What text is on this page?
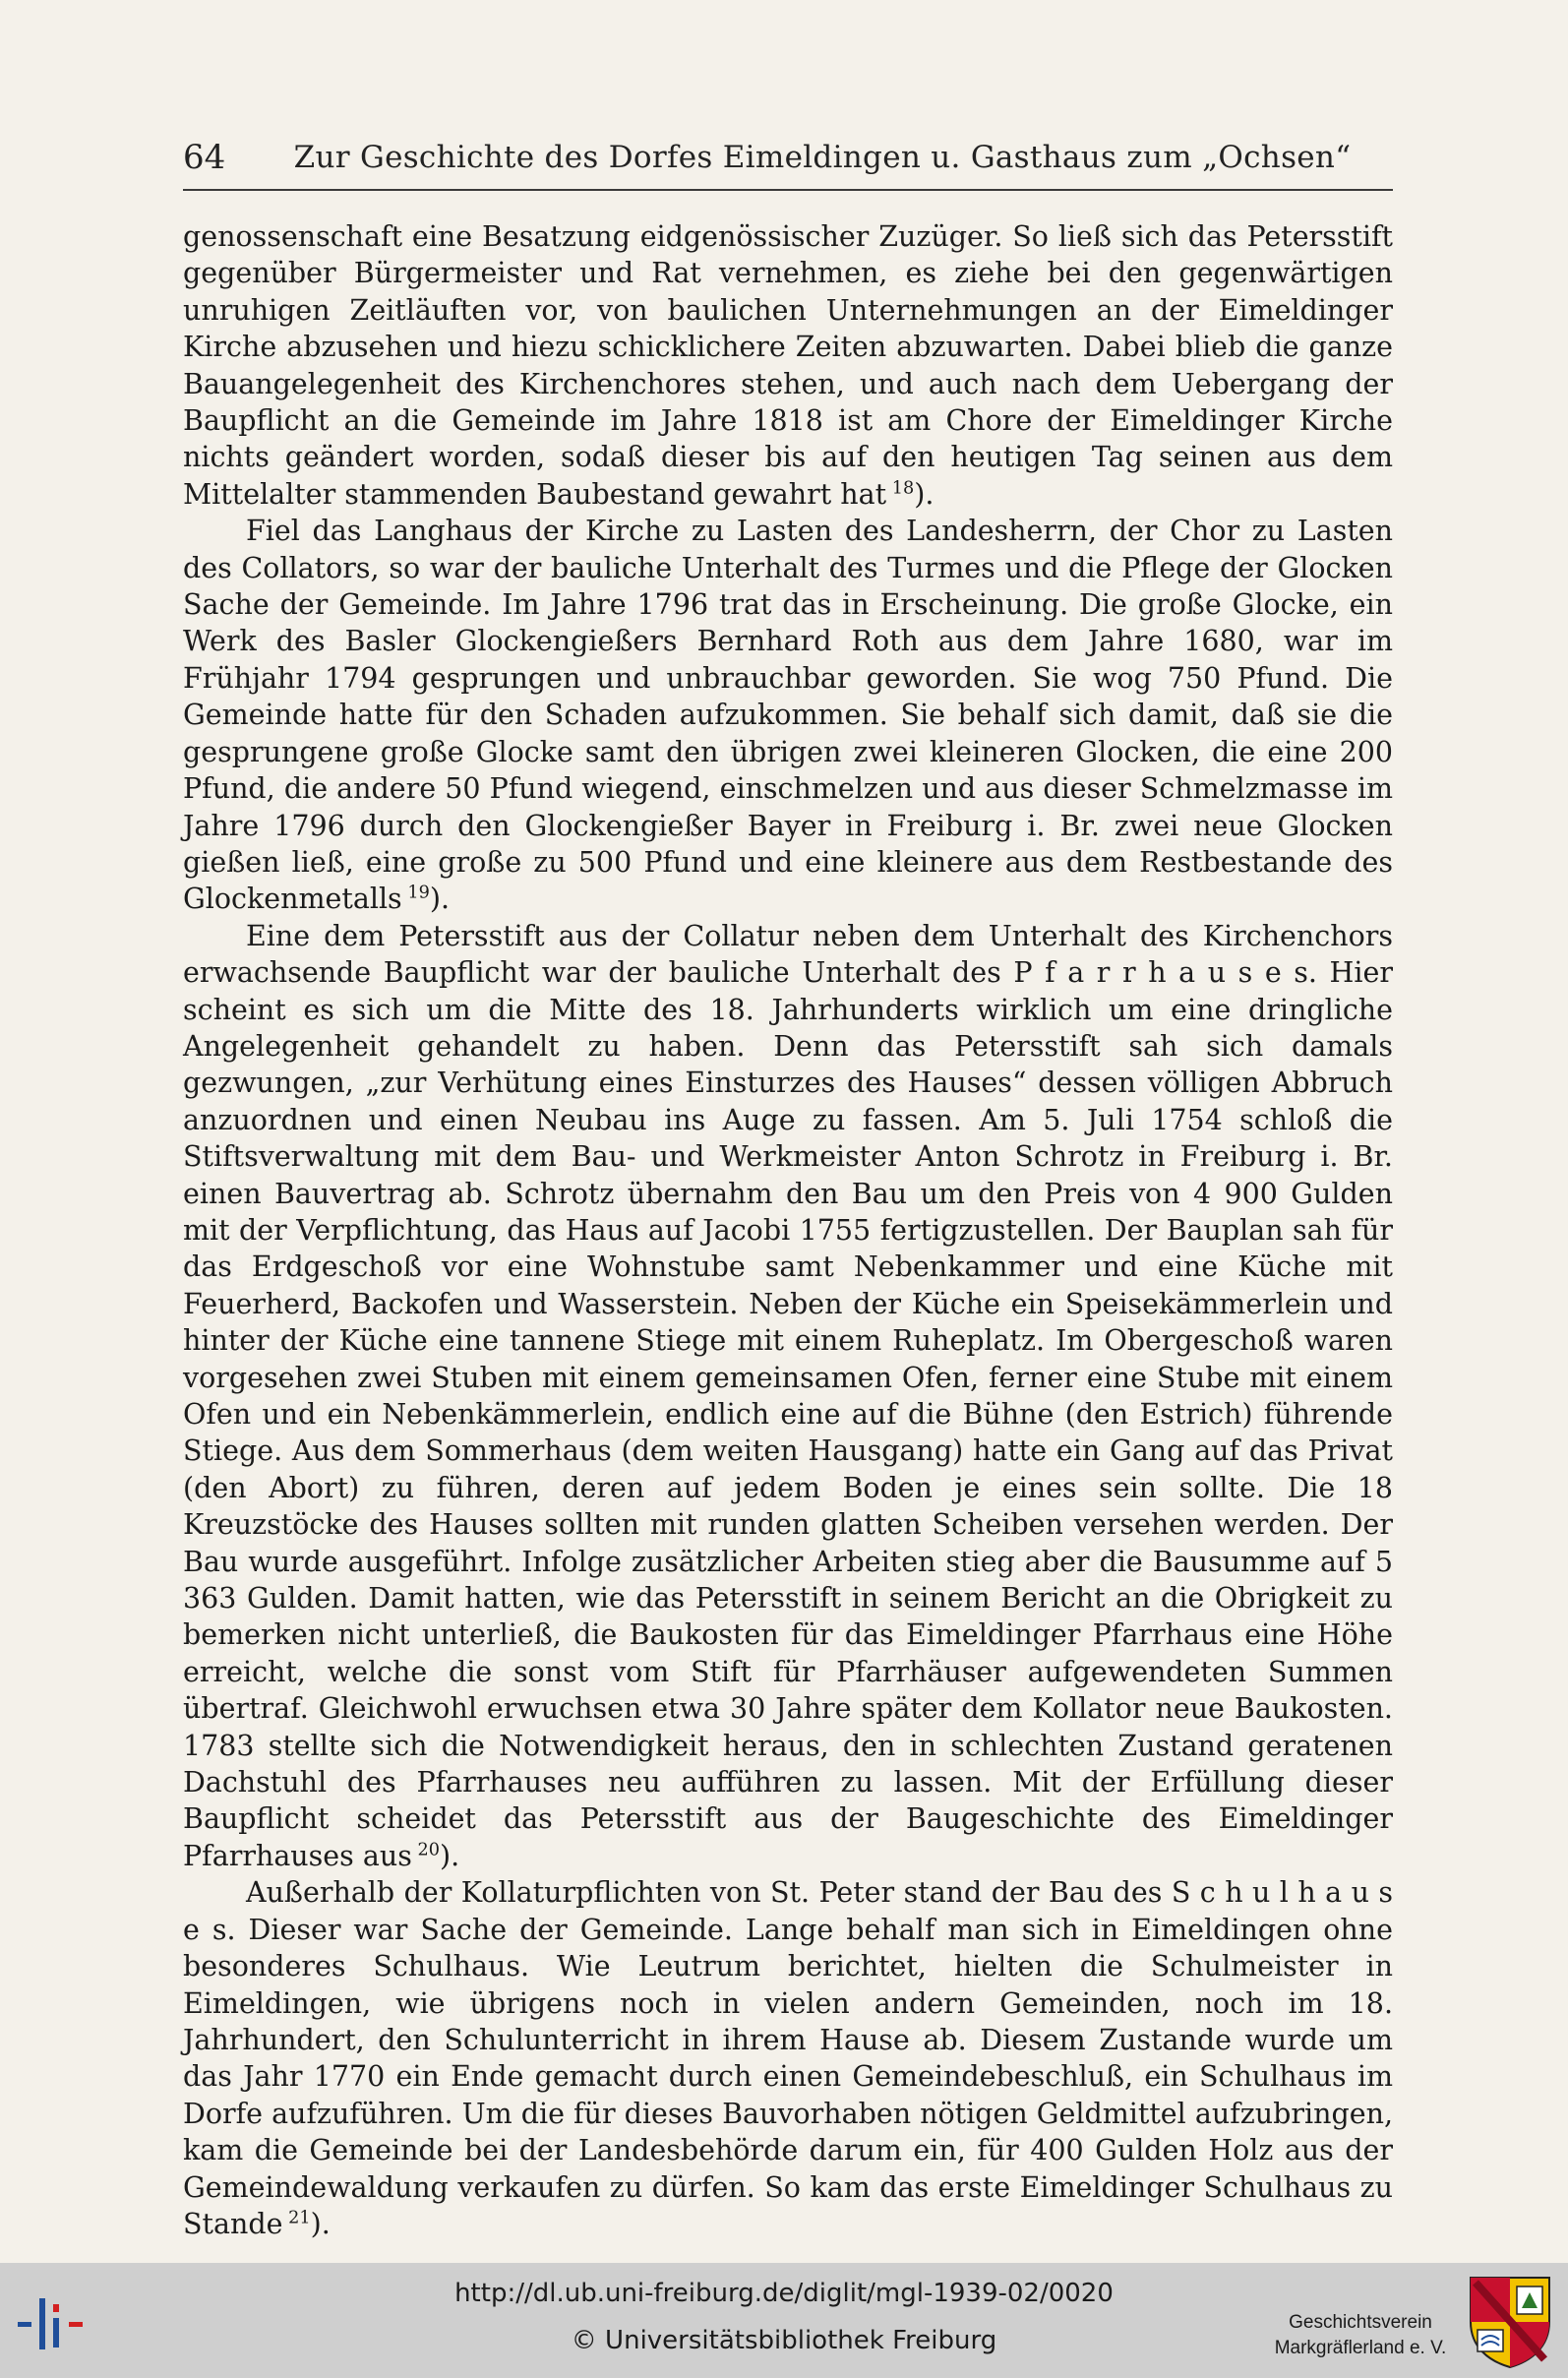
64	Zur Geschichte des Dorfes Eimeldingen u. Gasthaus zum „Ochsen“

genossenschaft eine Besatzung eidgenössischer Zuzüger. So ließ sich das Petersstift gegenüber Bürgermeister und Rat vernehmen, es ziehe bei den gegenwärtigen unruhigen Zeitläuften vor, von baulichen Unternehmungen an der Eimeldinger Kirche abzusehen und hiezu schicklichere Zeiten abzuwarten. Dabei blieb die ganze Bauangelegenheit des Kirchenchores stehen, und auch nach dem Uebergang der Baupflicht an die Gemeinde im Jahre 1818 ist am Chore der Eimeldinger Kirche nichts geändert worden, sodaß dieser bis auf den heutigen Tag seinen aus dem Mittelalter stammenden Baubestand gewahrt hat  $^{18}$).

Fiel das Langhaus der Kirche zu Lasten des Landesherrn, der Chor zu Lasten des Collators, so war der bauliche Unterhalt des Turmes und die Pflege der Glocken Sache der Gemeinde. Im Jahre 1796 trat das in Erscheinung. Die große Glocke, ein Werk des Basler Glockengießers Bernhard Roth aus dem Jahre 1680, war im Frühjahr 1794 gesprungen und unbrauchbar geworden. Sie wog 750 Pfund. Die Gemeinde hatte für den Schaden aufzukommen. Sie behalf sich damit, daß sie die gesprungene große Glocke samt den übrigen zwei kleineren Glocken, die eine 200 Pfund, die andere 50 Pfund wiegend, einschmelzen und aus dieser Schmelzmasse im Jahre 1796 durch den Glockengießer Bayer in Freiburg i. Br. zwei neue Glocken gießen ließ, eine große zu 500 Pfund und eine kleinere aus dem Restbestande des Glockenmetalls  $^{19}$).

Eine dem Petersstift aus der Collatur neben dem Unterhalt des Kirchenchors erwachsende Baupflicht war der bauliche Unterhalt des P f a r r h a u s e s. Hier scheint es sich um die Mitte des 18. Jahrhunderts wirklich um eine dringliche Angelegenheit gehandelt zu haben. Denn das Petersstift sah sich damals gezwungen, „zur Verhütung eines Einsturzes des Hauses“ dessen völligen Abbruch anzuordnen und einen Neubau ins Auge zu fassen. Am 5. Juli 1754 schloß die Stiftsverwaltung mit dem Bau- und Werkmeister Anton Schrotz in Freiburg i. Br. einen Bauvertrag ab. Schrotz übernahm den Bau um den Preis von 4 900 Gulden mit der Verpflichtung, das Haus auf Jacobi 1755 fertigzustellen. Der Bauplan sah für das Erdgeschoß vor eine Wohnstube samt Nebenkammer und eine Küche mit Feuerherd, Backofen und Wasserstein. Neben der Küche ein Speisekämmerlein und hinter der Küche eine tannene Stiege mit einem Ruheplatz. Im Obergeschoß waren vorgesehen zwei Stuben mit einem gemeinsamen Ofen, ferner eine Stube mit einem Ofen und ein Nebenkämmerlein, endlich eine auf die Bühne (den Estrich) führende Stiege. Aus dem Sommerhaus (dem weiten Hausgang) hatte ein Gang auf das Privat (den Abort) zu führen, deren auf jedem Boden je eines sein sollte. Die 18 Kreuzstöcke des Hauses sollten mit runden glatten Scheiben versehen werden. Der Bau wurde ausgeführt. Infolge zusätzlicher Arbeiten stieg aber die Bausumme auf 5 363 Gulden. Damit hatten, wie das Petersstift in seinem Bericht an die Obrigkeit zu bemerken nicht unterließ, die Baukosten für das Eimeldinger Pfarrhaus eine Höhe erreicht, welche die sonst vom Stift für Pfarrhäuser aufgewendeten Summen übertraf. Gleichwohl erwuchsen etwa 30 Jahre später dem Kollator neue Baukosten. 1783 stellte sich die Notwendigkeit heraus, den in schlechten Zustand geratenen Dachstuhl des Pfarrhauses neu aufführen zu lassen. Mit der Erfüllung dieser Baupflicht scheidet das Petersstift aus der Baugeschichte des Eimeldinger Pfarrhauses aus  $^{20}$).

Außerhalb der Kollaturpflichten von St. Peter stand der Bau des S c h u l h a u s e s. Dieser war Sache der Gemeinde. Lange behalf man sich in Eimeldingen ohne besonderes Schulhaus. Wie Leutrum berichtet, hielten die Schulmeister in Eimeldingen, wie übrigens noch in vielen andern Gemeinden, noch im 18. Jahrhundert, den Schulunterricht in ihrem Hause ab. Diesem Zustande wurde um das Jahr 1770 ein Ende gemacht durch einen Gemeindebeschluß, ein Schulhaus im Dorfe aufzuführen. Um die für dieses Bauvorhaben nötigen Geldmittel aufzubringen, kam die Gemeinde bei der Landesbehörde darum ein, für 400 Gulden Holz aus der Gemeindewaldung verkaufen zu dürfen. So kam das erste Eimeldinger Schulhaus zu Stande  $^{21}$).

http://dl.ub.uni-freiburg.de/diglit/mgl-1939-02/0020
© Universitätsbibliothek Freiburg
Geschichtsverein
Markgräflerland e. V.
